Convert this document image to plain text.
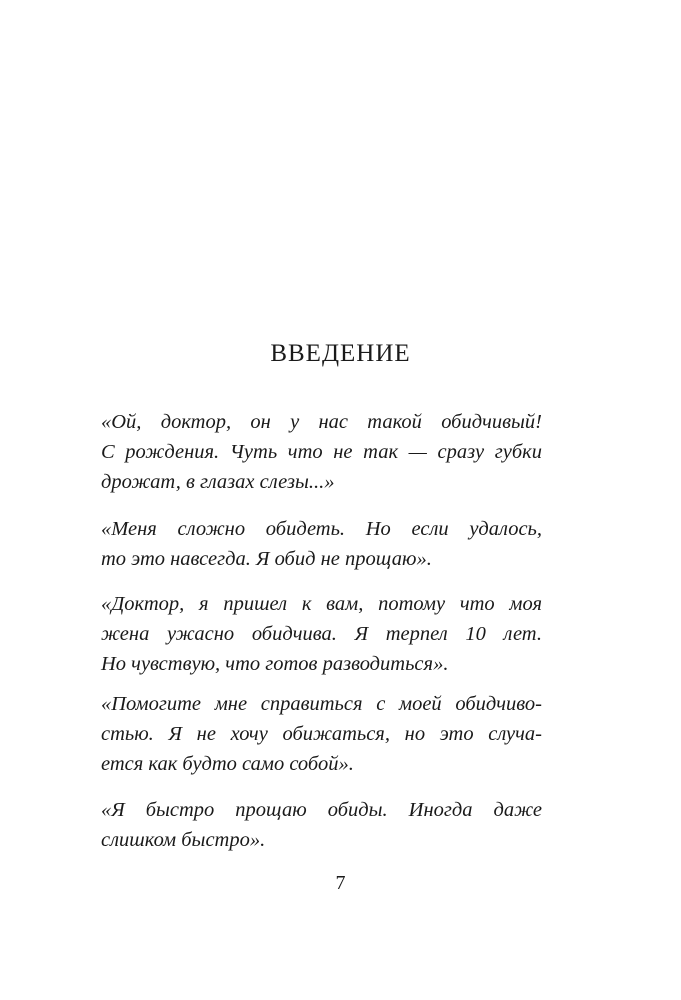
ВВЕДЕНИЕ
«Ой, доктор, он у нас такой обидчивый!
С рождения. Чуть что не так — сразу губки
дрожат, в глазах слезы...»
«Меня сложно обидеть. Но если удалось,
то это навсегда. Я обид не прощаю».
«Доктор, я пришел к вам, потому что моя
жена ужасно обидчива. Я терпел 10 лет.
Но чувствую, что готов разводиться».
«Помогите мне справиться с моей обидчиво-
стью. Я не хочу обижаться, но это случа-
ется как будто само собой».
«Я быстро прощаю обиды. Иногда даже
слишком быстро».
7
